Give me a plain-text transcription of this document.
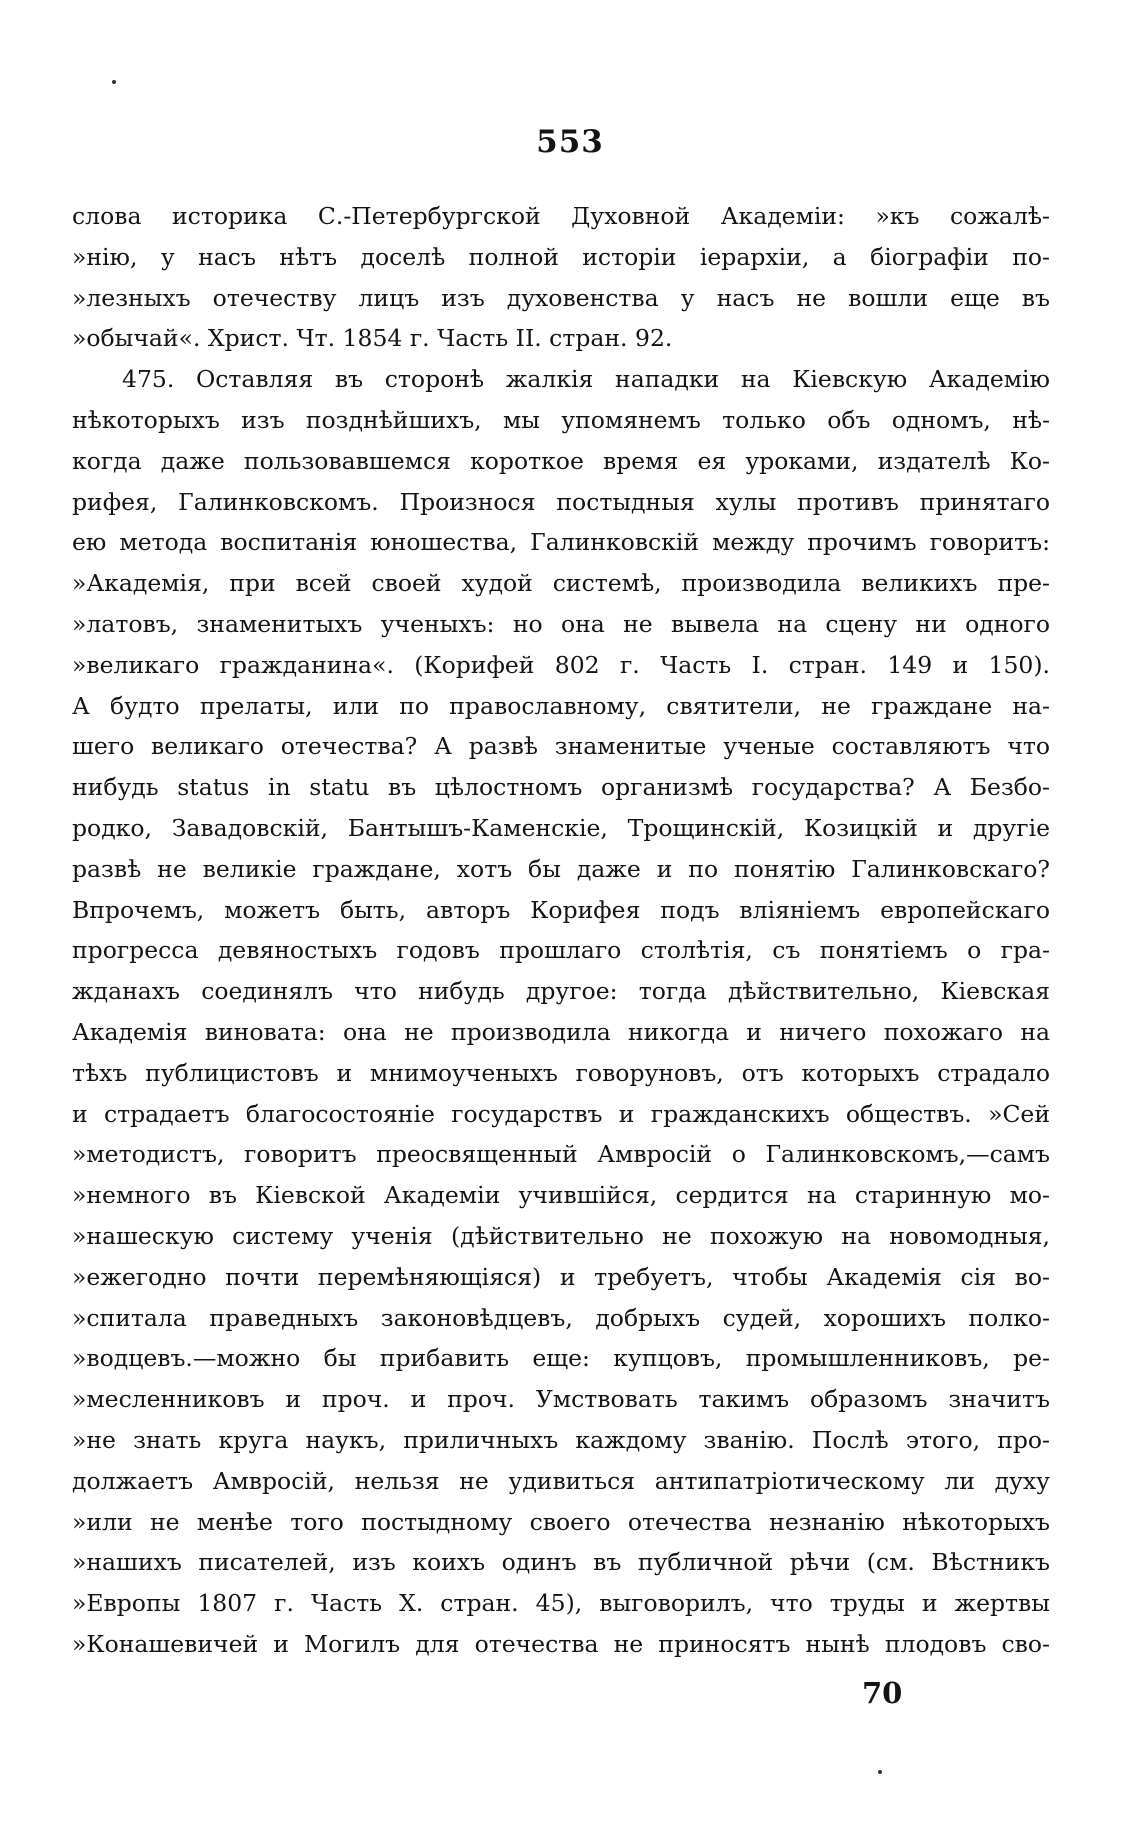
553
слова историка С.-Петербургской Духовной Академіи: »къ сожалѣ-
»нію, у насъ нѣтъ доселѣ полной исторіи іерархіи, а біографіи по-
»лезныхъ отечеству лицъ изъ духовенства у насъ не вошли еще въ
»обычай«. Христ. Чт. 1854 г. Часть II. стран. 92.
475. Оставляя въ сторонѣ жалкія нападки на Кіевскую Академію
нѣкоторыхъ изъ позднѣйшихъ, мы упомянемъ только объ одномъ, нѣ-
когда даже пользовавшемся короткое время ея уроками, издателѣ Ко-
рифея, Галинковскомъ. Произнося постыдныя хулы противъ принятаго
ею метода воспитанія юношества, Галинковскій между прочимъ говоритъ:
»Академія, при всей своей худой системѣ, производила великихъ пре-
»латовъ, знаменитыхъ ученыхъ: но она не вывела на сцену ни одного
»великаго гражданина«. (Корифей 802 г. Часть I. стран. 149 и 150).
А будто прелаты, или по православному, святители, не граждане на-
шего великаго отечества? А развѣ знаменитые ученые составляютъ что
нибудь status in statu въ цѣлостномъ организмѣ государства? А Безбо-
родко, Завадовскій, Бантышъ-Каменскіе, Трощинскій, Козицкій и другіе
развѣ не великіе граждане, хотъ бы даже и по понятію Галинковскаго?
Впрочемъ, можетъ быть, авторъ Корифея подъ вліяніемъ европейскаго
прогресса девяностыхъ годовъ прошлаго столѣтія, съ понятіемъ о гра-
жданахъ соединялъ что нибудь другое: тогда дѣйствительно, Кіевская
Академія виновата: она не производила никогда и ничего похожаго на
тѣхъ публицистовъ и мнимоученыхъ говоруновъ, отъ которыхъ страдало
и страдаетъ благосостояніе государствъ и гражданскихъ обществъ. »Сей
»методистъ, говоритъ преосвященный Амвросій о Галинковскомъ,—самъ
»немного въ Кіевской Академіи учившійся, сердится на старинную мо-
»нашескую систему ученія (дѣйствительно не похожую на новомодныя,
»ежегодно почти перемѣняющіяся) и требуетъ, чтобы Академія сія во-
»спитала праведныхъ законовѣдцевъ, добрыхъ судей, хорошихъ полко-
»водцевъ.—можно бы прибавить еще: купцовъ, промышленниковъ, ре-
»месленниковъ и проч. и проч. Умствовать такимъ образомъ значитъ
»не знать круга наукъ, приличныхъ каждому званію. Послѣ этого, про-
должаетъ Амвросій, нельзя не удивиться антипатріотическому ли духу
»или не менѣе того постыдному своего отечества незнанію нѣкоторыхъ
»нашихъ писателей, изъ коихъ одинъ въ публичной рѣчи (см. Вѣстникъ
»Европы 1807 г. Часть X. стран. 45), выговорилъ, что труды и жертвы
»Конашевичей и Могилъ для отечества не приносятъ нынѣ плодовъ сво-
70
